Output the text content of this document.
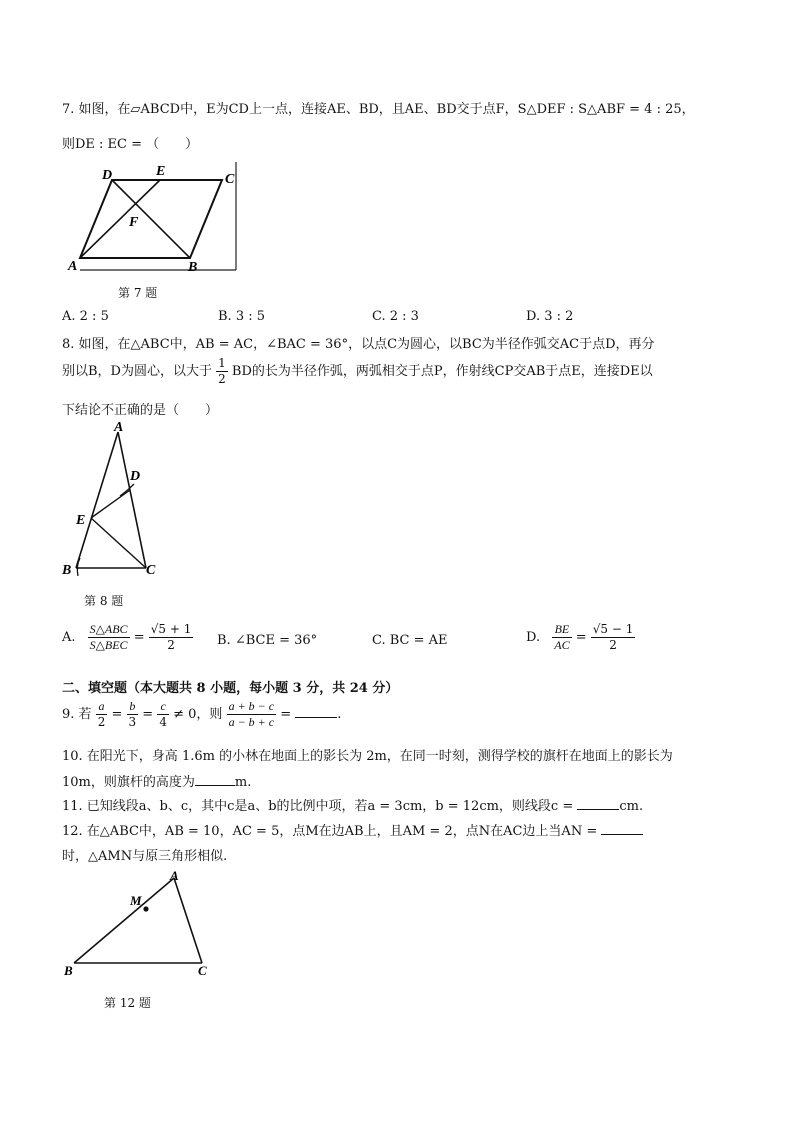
7. 如图，在▱ABCD中，E为CD上一点，连接AE、BD，且AE、BD交于点F，S△DEF : S△ABF = 4 : 25，
则DE : EC = （　　）
D	E
C
F
A	B
第 7 题
A. 2 : 5	B. 3 : 5	C. 2 : 3	D. 3 : 2
8. 如图，在△ABC中，AB = AC，∠BAC = 36°，以点C为圆心，以BC为半径作弧交AC于点D，再分
别以B，D为圆心，以大于 $\frac{1}{2}$ BD的长为半径作弧，两弧相交于点P，作射线CP交AB于点E，连接DE以
下结论不正确的是（　　）
A
D
E
B	C
第 8 题
A. $\frac{\text{S△ABC}}{\text{S△BEC}} = \frac{√5 + 1}{2} B$. ∠BCE = 36°	C. BC = AE	D. $\frac{BE}{AC} = \frac{√5 - 1}{2}$
二、填空题（本大题共 8 小题，每小题 3 分，共 24 分）
9. 若 $\frac{a}{2} = \frac{b}{3} = \frac{c}{4} \ne 0$，则 $\frac{a + b - c}{a - b + c}$ =	.
10. 在阳光下，身高 1.6m 的小林在地面上的影长为 2m，在同一时刻，测得学校的旗杆在地面上的影长为
10m，则旗杆的高度为	m.
11. 已知线段a、b、c，其中c是a、b的比例中项，若a = 3cm，b = 12cm，则线段c =	cm.
12. 在△ABC中，AB = 10，AC = 5，点M在边AB上，且AM = 2，点N在AC边上当AN =
时，△AMN与原三角形相似.
A
M
B	C
第 12 题
